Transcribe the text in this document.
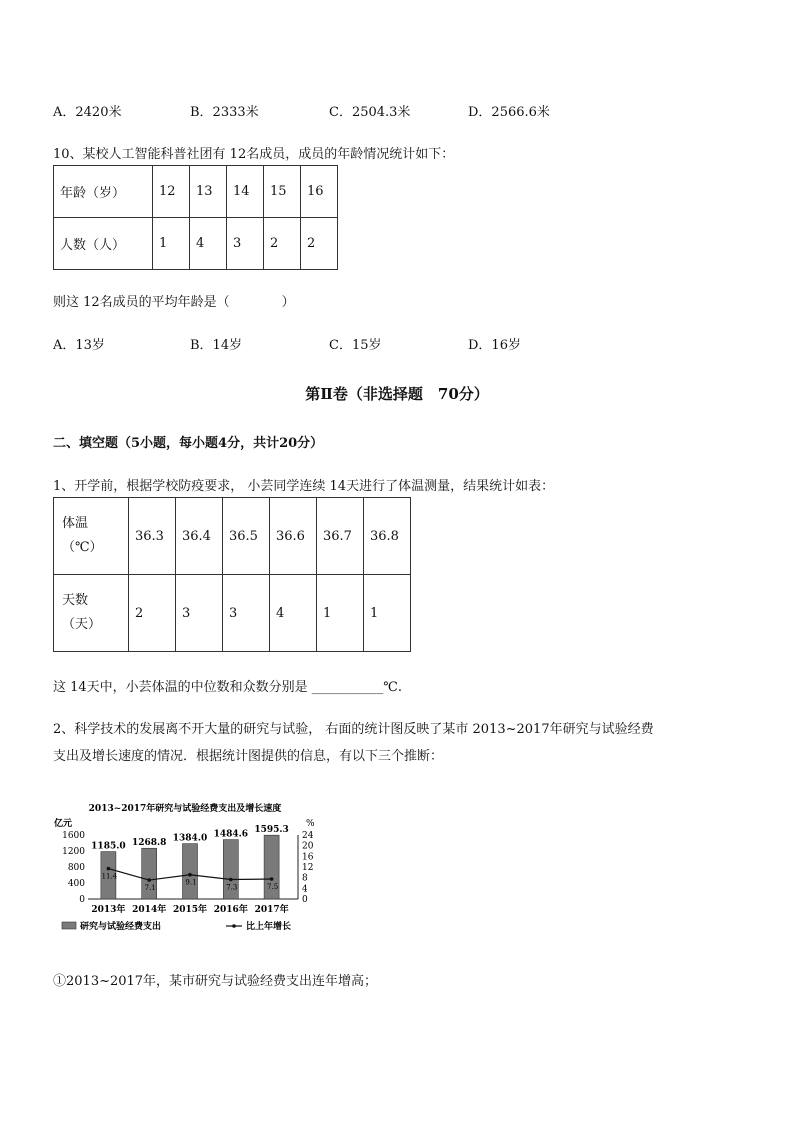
A．2420米	B．2333米	C．2504.3米	D．2566.6米
10、某校人工智能科普社团有 12名成员，成员的年龄情况统计如下：
年龄（岁）	12	13	14	15	16
人数（人）	1	4	3	2	2
则这 12名成员的平均年龄是（　　　　）
A．13岁	B．14岁	C．15岁	D．16岁
第Ⅱ卷（非选择题　70分）
二、填空题（5小题，每小题4分，共计20分）
1、开学前，根据学校防疫要求， 小芸同学连续 14天进行了体温测量，结果统计如表：
体温
（℃）	36.3	36.4	36.5	36.6	36.7	36.8

天数
（天）	2	3	3	4	1	1
这 14天中，小芸体温的中位数和众数分别是 ___________℃.
2、科学技术的发展离不开大量的研究与试验， 右面的统计图反映了某市 2013~2017年研究与试验经费
支出及增长速度的情况．根据统计图提供的信息，有以下三个推断：
2013~2017年研究与试验经费支出及增长速度
亿元	%
0
400
800
1200
1600
0
4
8
12
16
20
24
1185.0
2013年
1268.8
2014年
1384.0
2015年
1484.6
2016年
1595.3
2017年
11.4
7.1
9.1
7.3	7.5
研究与试验经费支出	比上年增长
①2013~2017年，某市研究与试验经费支出连年增高；
